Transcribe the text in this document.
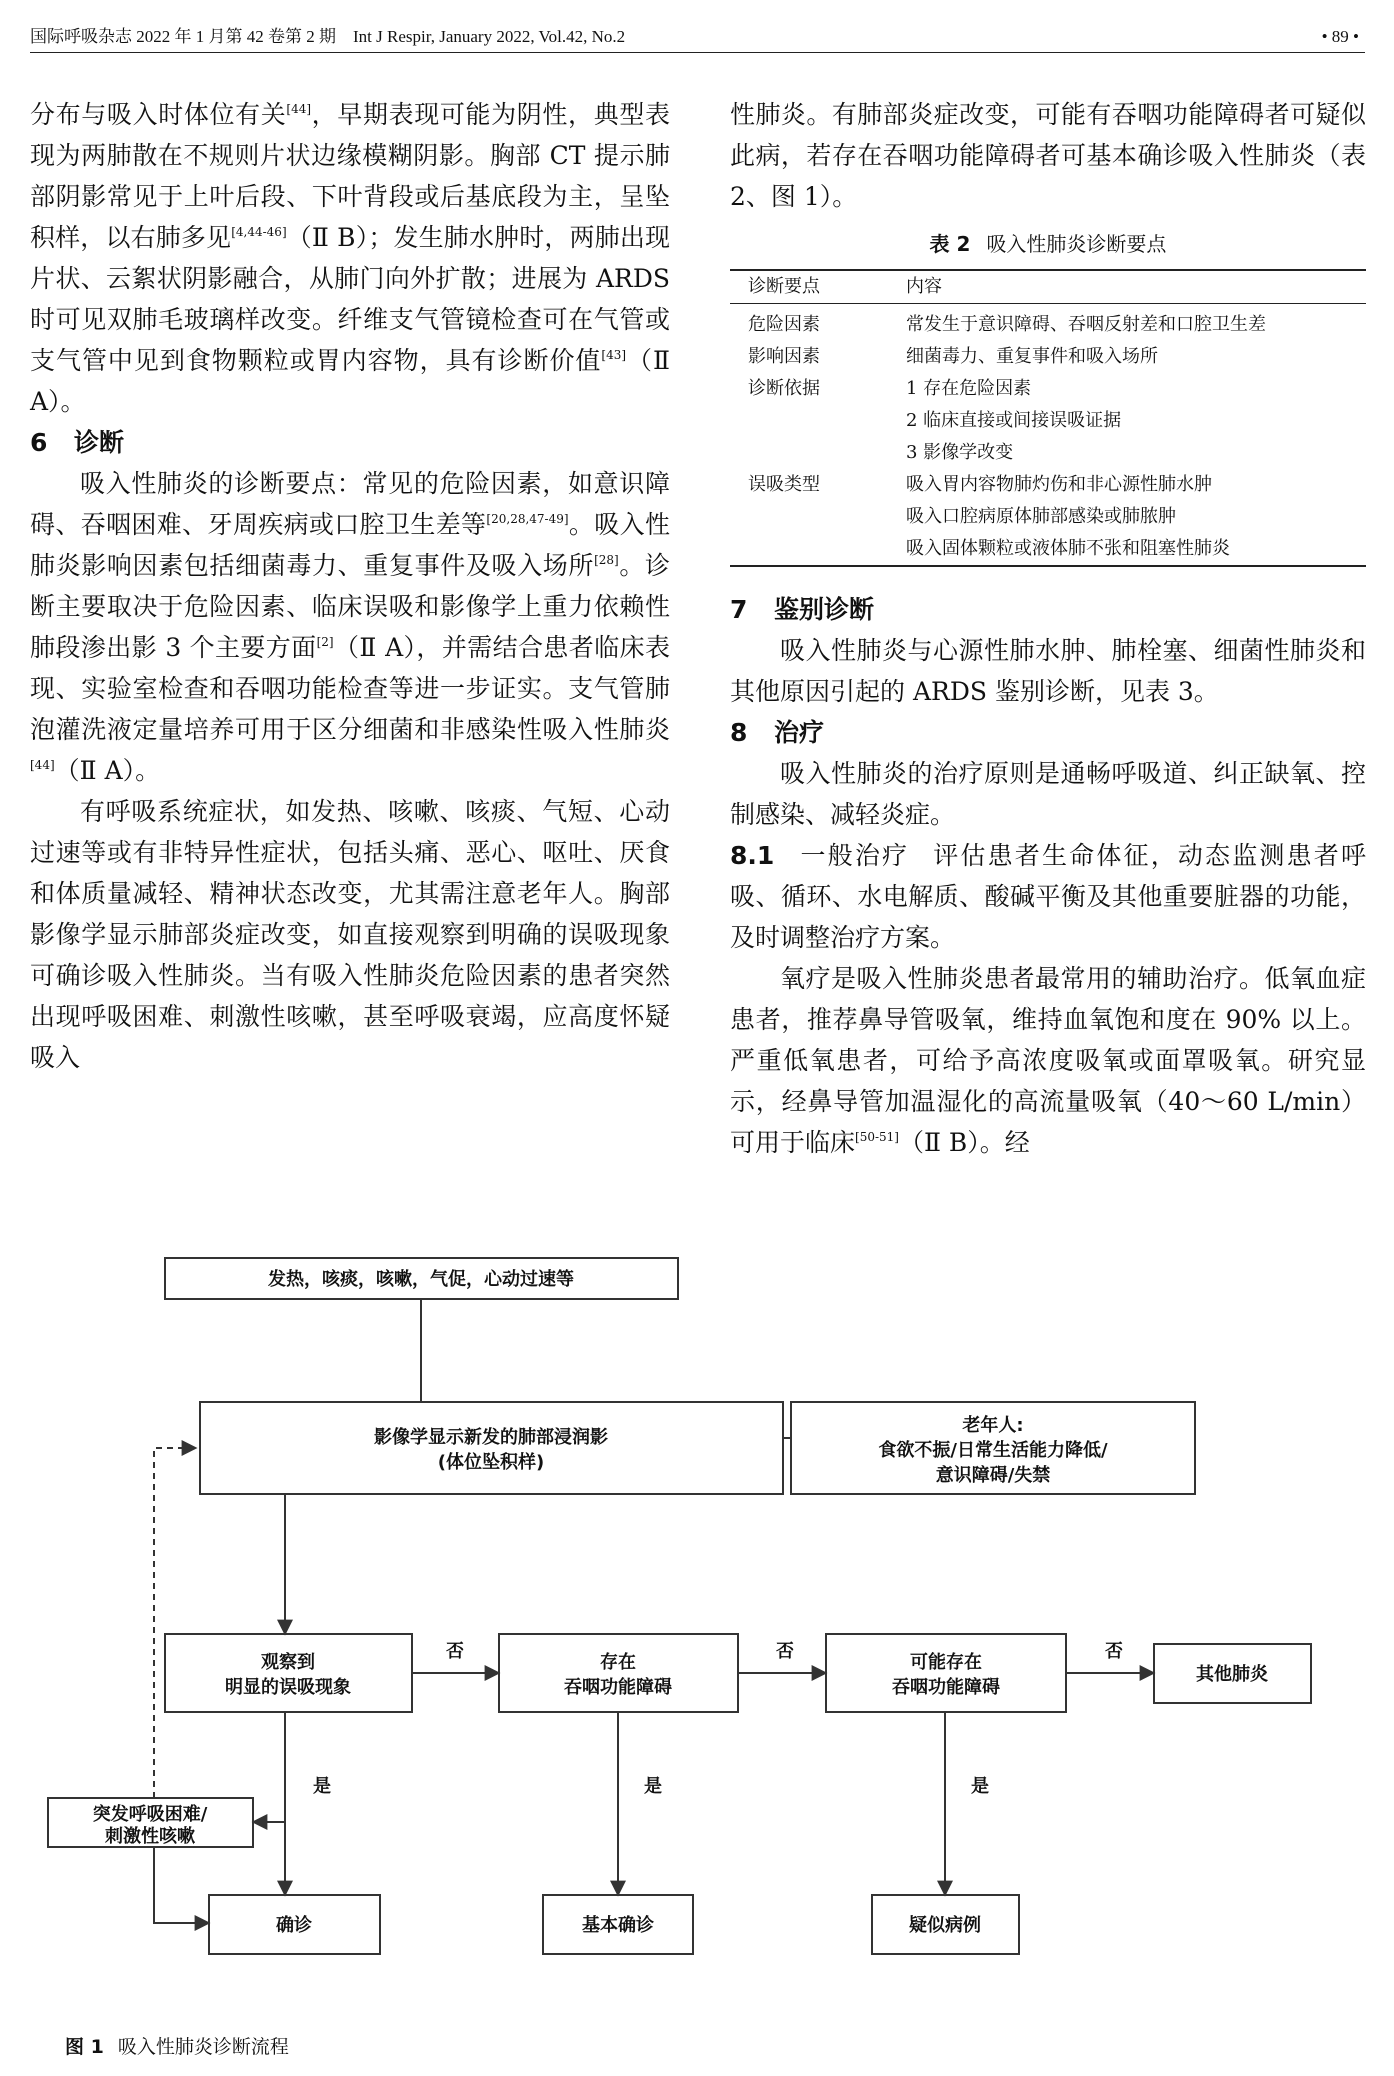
国际呼吸杂志 2022 年 1 月第 42 卷第 2 期　Int J Respir, January 2022, Vol.42, No.2	• 89 •

分布与吸入时体位有关[44]，早期表现可能为阴性，典型表现为两肺散在不规则片状边缘模糊阴影。胸部 CT 提示肺部阴影常见于上叶后段、下叶背段或后基底段为主，呈坠积样，以右肺多见[4,44-46]（Ⅱ B）；发生肺水肿时，两肺出现片状、云絮状阴影融合，从肺门向外扩散；进展为 ARDS 时可见双肺毛玻璃样改变。纤维支气管镜检查可在气管或支气管中见到食物颗粒或胃内容物，具有诊断价值[43]（Ⅱ A）。

6 诊断

吸入性肺炎的诊断要点：常见的危险因素，如意识障碍、吞咽困难、牙周疾病或口腔卫生差等[20,28,47-49]。吸入性肺炎影响因素包括细菌毒力、重复事件及吸入场所[28]。诊断主要取决于危险因素、临床误吸和影像学上重力依赖性肺段渗出影 3 个主要方面[2]（Ⅱ A），并需结合患者临床表现、实验室检查和吞咽功能检查等进一步证实。支气管肺泡灌洗液定量培养可用于区分细菌和非感染性吸入性肺炎[44]（Ⅱ A）。

有呼吸系统症状，如发热、咳嗽、咳痰、气短、心动过速等或有非特异性症状，包括头痛、恶心、呕吐、厌食和体质量减轻、精神状态改变，尤其需注意老年人。胸部影像学显示肺部炎症改变，如直接观察到明确的误吸现象可确诊吸入性肺炎。当有吸入性肺炎危险因素的患者突然出现呼吸困难、刺激性咳嗽，甚至呼吸衰竭，应高度怀疑吸入

性肺炎。有肺部炎症改变，可能有吞咽功能障碍者可疑似此病，若存在吞咽功能障碍者可基本确诊吸入性肺炎（表 2、图 1）。

表 2 吸入性肺炎诊断要点
诊断要点	内容
危险因素	常发生于意识障碍、吞咽反射差和口腔卫生差
影响因素	细菌毒力、重复事件和吸入场所
诊断依据	1 存在危险因素
	2 临床直接或间接误吸证据
	3 影像学改变
误吸类型	吸入胃内容物肺灼伤和非心源性肺水肿
	吸入口腔病原体肺部感染或肺脓肿
	吸入固体颗粒或液体肺不张和阻塞性肺炎
7 鉴别诊断

吸入性肺炎与心源性肺水肿、肺栓塞、细菌性肺炎和其他原因引起的 ARDS 鉴别诊断，见表 3。

8 治疗

吸入性肺炎的治疗原则是通畅呼吸道、纠正缺氧、控制感染、减轻炎症。

8.1 一般治疗 评估患者生命体征，动态监测患者呼吸、循环、水电解质、酸碱平衡及其他重要脏器的功能，及时调整治疗方案。

氧疗是吸入性肺炎患者最常用的辅助治疗。低氧血症患者，推荐鼻导管吸氧，维持血氧饱和度在 90% 以上。严重低氧患者，可给予高浓度吸氧或面罩吸氧。研究显示，经鼻导管加温湿化的高流量吸氧（40～60 L/min）可用于临床[50-51]（Ⅱ B）。经

发热，咳痰，咳嗽，气促，心动过速等
影像学显示新发的肺部浸润影
(体位坠积样)
老年人:
食欲不振/日常生活能力降低/
意识障碍/失禁
观察到
明显的误吸现象
存在
吞咽功能障碍
可能存在
吞咽功能障碍
其他肺炎
突发呼吸困难/
刺激性咳嗽
确诊	基本确诊	疑似病例
否	否	否
是	是	是
图 1 吸入性肺炎诊断流程
